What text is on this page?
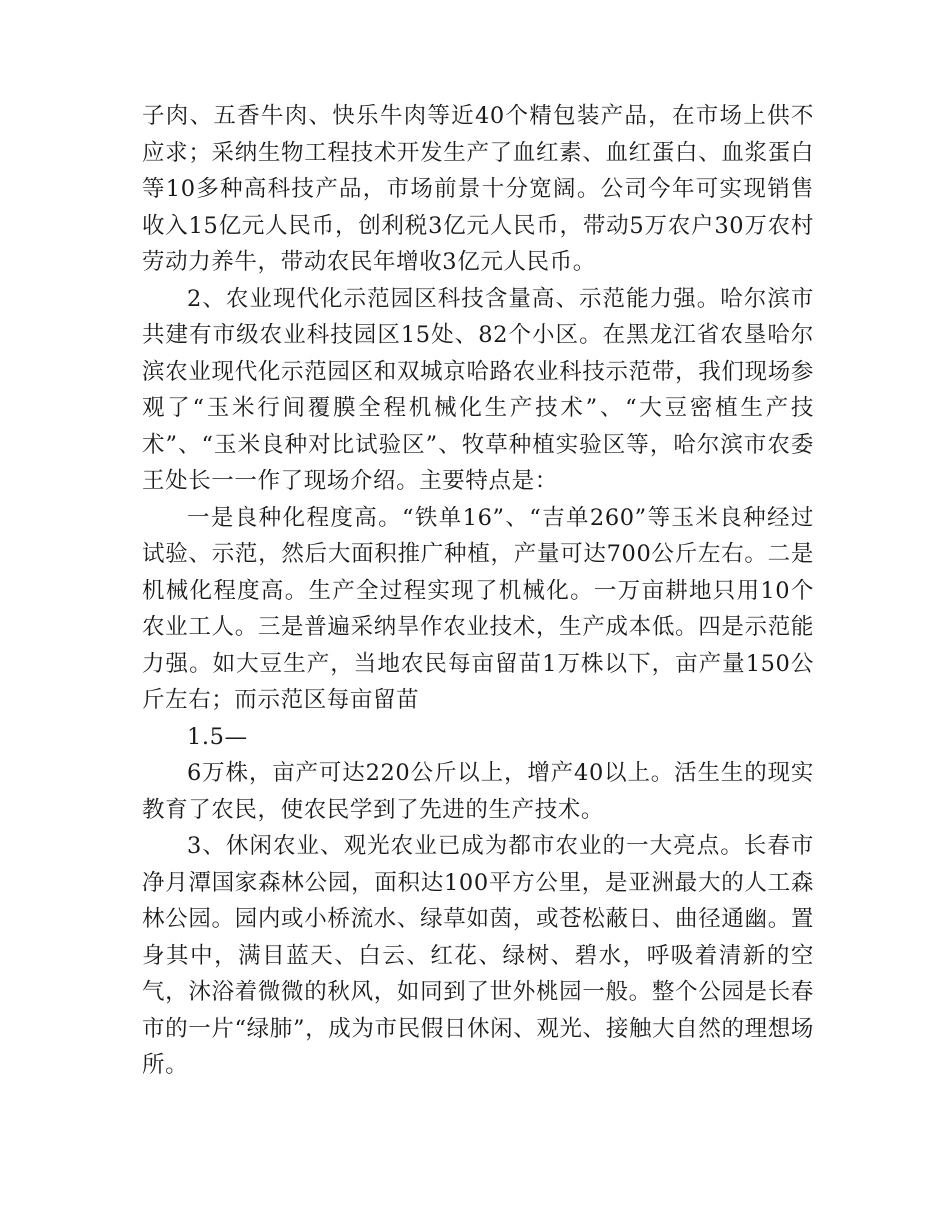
子肉、五香牛肉、快乐牛肉等近40个精包装产品，在市场上供不应求；采纳生物工程技术开发生产了血红素、血红蛋白、血浆蛋白等10多种高科技产品，市场前景十分宽阔。公司今年可实现销售收入15亿元人民币，创利税3亿元人民币，带动5万农户30万农村劳动力养牛，带动农民年增收3亿元人民币。

2、农业现代化示范园区科技含量高、示范能力强。哈尔滨市共建有市级农业科技园区15处、82个小区。在黑龙江省农垦哈尔滨农业现代化示范园区和双城京哈路农业科技示范带，我们现场参观了“玉米行间覆膜全程机械化生产技术”、“大豆密植生产技术”、“玉米良种对比试验区”、牧草种植实验区等，哈尔滨市农委王处长一一作了现场介绍。主要特点是：

一是良种化程度高。“铁单16”、“吉单260”等玉米良种经过试验、示范，然后大面积推广种植，产量可达700公斤左右。二是机械化程度高。生产全过程实现了机械化。一万亩耕地只用10个农业工人。三是普遍采纳旱作农业技术，生产成本低。四是示范能力强。如大豆生产，当地农民每亩留苗1万株以下，亩产量150公斤左右；而示范区每亩留苗

1.5—

6万株，亩产可达220公斤以上，增产40以上。活生生的现实教育了农民，使农民学到了先进的生产技术。

3、休闲农业、观光农业已成为都市农业的一大亮点。长春市净月潭国家森林公园，面积达100平方公里，是亚洲最大的人工森林公园。园内或小桥流水、绿草如茵，或苍松蔽日、曲径通幽。置身其中，满目蓝天、白云、红花、绿树、碧水，呼吸着清新的空气，沐浴着微微的秋风，如同到了世外桃园一般。整个公园是长春市的一片“绿肺”，成为市民假日休闲、观光、接触大自然的理想场所。
